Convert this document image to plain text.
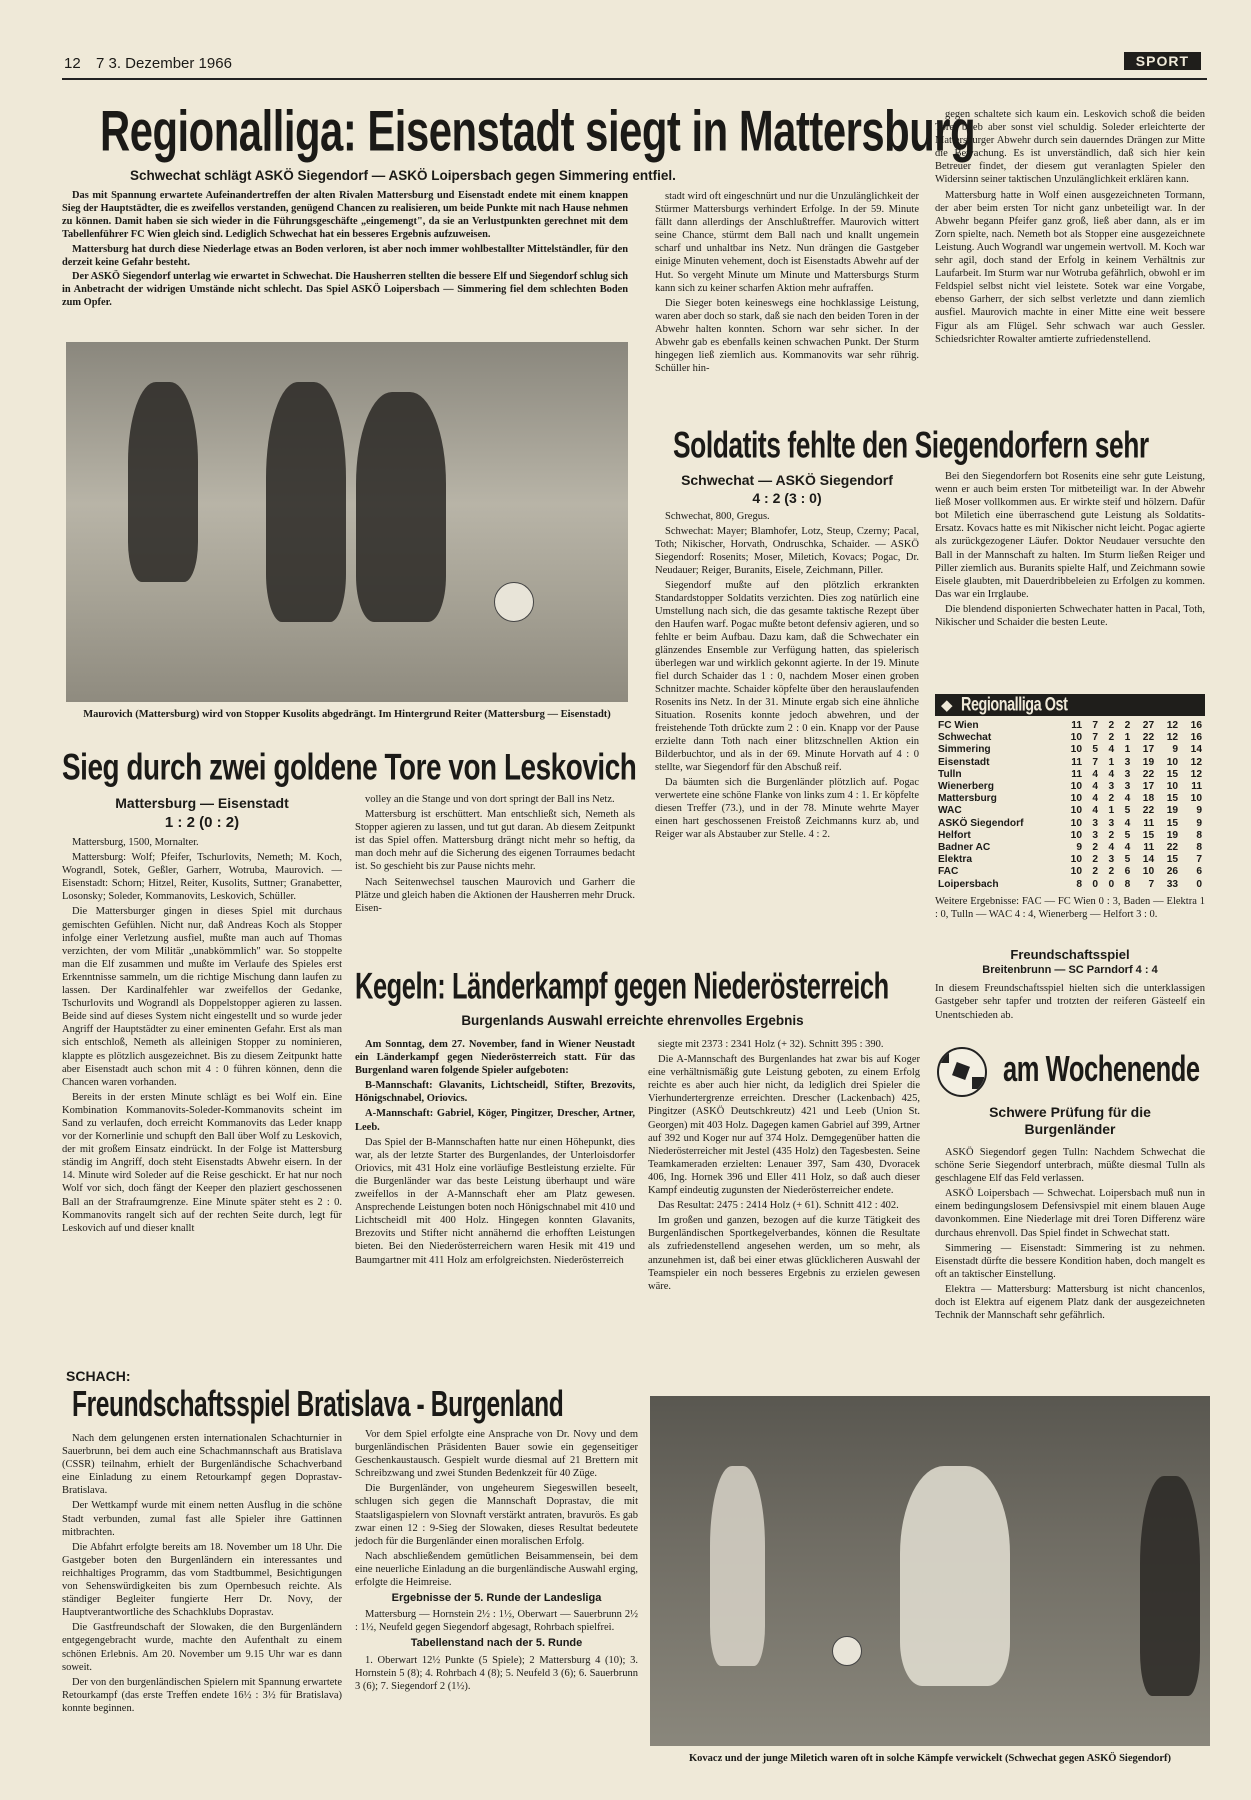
12 7 3. Dezember 1966	SPORT
Regionalliga: Eisenstadt siegt in Mattersburg
Schwechat schlägt ASKÖ Siegendorf — ASKÖ Loipersbach gegen Simmering entfiel.

Das mit Spannung erwartete Aufeinandertreffen der alten Rivalen Mattersburg und Eisenstadt endete mit einem knappen Sieg der Hauptstädter, die es zweifellos verstanden, genügend Chancen zu realisieren, um beide Punkte mit nach Hause nehmen zu können. Damit haben sie sich wieder in die Führungsgeschäfte „eingemengt", da sie an Verlustpunkten gerechnet mit dem Tabellenführer FC Wien gleich sind. Lediglich Schwechat hat ein besseres Ergebnis aufzuweisen.

Mattersburg hat durch diese Niederlage etwas an Boden verloren, ist aber noch immer wohlbestallter Mittelständler, für den derzeit keine Gefahr besteht.

Der ASKÖ Siegendorf unterlag wie erwartet in Schwechat. Die Hausherren stellten die bessere Elf und Siegendorf schlug sich in Anbetracht der widrigen Umstände nicht schlecht. Das Spiel ASKÖ Loipersbach — Simmering fiel dem schlechten Boden zum Opfer.

Maurovich (Mattersburg) wird von Stopper Kusolits abgedrängt. Im Hintergrund Reiter (Mattersburg — Eisenstadt)

stadt wird oft eingeschnürt und nur die Unzulänglichkeit der Stürmer Mattersburgs verhindert Erfolge. In der 59. Minute fällt dann allerdings der Anschlußtreffer. Maurovich wittert seine Chance, stürmt dem Ball nach und knallt ungemein scharf und unhaltbar ins Netz. Nun drängen die Gastgeber einige Minuten vehement, doch ist Eisenstadts Abwehr auf der Hut. So vergeht Minute um Minute und Mattersburgs Sturm kann sich zu keiner scharfen Aktion mehr aufraffen.

Die Sieger boten keineswegs eine hochklassige Leistung, waren aber doch so stark, daß sie nach den beiden Toren in der Abwehr halten konnten. Schorn war sehr sicher. In der Abwehr gab es ebenfalls keinen schwachen Punkt. Der Sturm hingegen ließ ziemlich aus. Kommanovits war sehr rührig. Schüller hin-

gegen schaltete sich kaum ein. Leskovich schoß die beiden Tore, blieb aber sonst viel schuldig. Soleder erleichterte der Mattersburger Abwehr durch sein dauerndes Drängen zur Mitte die Bewachung. Es ist unverständlich, daß sich hier kein Betreuer findet, der diesem gut veranlagten Spieler den Widersinn seiner taktischen Unzulänglichkeit erklären kann.

Mattersburg hatte in Wolf einen ausgezeichneten Tormann, der aber beim ersten Tor nicht ganz unbeteiligt war. In der Abwehr begann Pfeifer ganz groß, ließ aber dann, als er im Zorn spielte, nach. Nemeth bot als Stopper eine ausgezeichnete Leistung. Auch Wograndl war ungemein wertvoll. M. Koch war sehr agil, doch stand der Erfolg in keinem Verhältnis zur Laufarbeit. Im Sturm war nur Wotruba gefährlich, obwohl er im Feldspiel selbst nicht viel leistete. Sotek war eine Vorgabe, ebenso Garherr, der sich selbst verletzte und dann ziemlich ausfiel. Maurovich machte in einer Mitte eine weit bessere Figur als am Flügel. Sehr schwach war auch Gessler. Schiedsrichter Rowalter amtierte zufriedenstellend.

Soldatits fehlte den Siegendorfern sehr
Schwechat — ASKÖ Siegendorf
4 : 2 (3 : 0)

Schwechat, 800, Gregus.

Schwechat: Mayer; Blamhofer, Lotz, Steup, Czerny; Pacal, Toth; Nikischer, Horvath, Ondruschka, Schaider. — ASKÖ Siegendorf: Rosenits; Moser, Miletich, Kovacs; Pogac, Dr. Neudauer; Reiger, Buranits, Eisele, Zeichmann, Piller.

Siegendorf mußte auf den plötzlich erkrankten Standardstopper Soldatits verzichten. Dies zog natürlich eine Umstellung nach sich, die das gesamte taktische Rezept über den Haufen warf. Pogac mußte betont defensiv agieren, und so fehlte er beim Aufbau. Dazu kam, daß die Schwechater ein glänzendes Ensemble zur Verfügung hatten, das spielerisch überlegen war und wirklich gekonnt agierte. In der 19. Minute fiel durch Schaider das 1 : 0, nachdem Moser einen groben Schnitzer machte. Schaider köpfelte über den herauslaufenden Rosenits ins Netz. In der 31. Minute ergab sich eine ähnliche Situation. Rosenits konnte jedoch abwehren, und der freistehende Toth drückte zum 2 : 0 ein. Knapp vor der Pause erzielte dann Toth nach einer blitzschnellen Aktion ein Bilderbuchtor, und als in der 69. Minute Horvath auf 4 : 0 stellte, war Siegendorf für den Abschuß reif.

Da bäumten sich die Burgenländer plötzlich auf. Pogac verwertete eine schöne Flanke von links zum 4 : 1. Er köpfelte diesen Treffer (73.), und in der 78. Minute wehrte Mayer einen hart geschossenen Freistoß Zeichmanns kurz ab, und Reiger war als Abstauber zur Stelle. 4 : 2.

Bei den Siegendorfern bot Rosenits eine sehr gute Leistung, wenn er auch beim ersten Tor mitbeteiligt war. In der Abwehr ließ Moser vollkommen aus. Er wirkte steif und hölzern. Dafür bot Miletich eine überraschend gute Leistung als Soldatits-Ersatz. Kovacs hatte es mit Nikischer nicht leicht. Pogac agierte als zurückgezogener Läufer. Doktor Neudauer versuchte den Ball in der Mannschaft zu halten. Im Sturm ließen Reiger und Piller ziemlich aus. Buranits spielte Half, und Zeichmann sowie Eisele glaubten, mit Dauerdribbeleien zu Erfolgen zu kommen. Das war ein Irrglaube.

Die blendend disponierten Schwechater hatten in Pacal, Toth, Nikischer und Schaider die besten Leute.

◆ Regionalliga Ost
FC Wien	11	7	2	2	27	12	16
Schwechat	10	7	2	1	22	12	16
Simmering	10	5	4	1	17	9	14
Eisenstadt	11	7	1	3	19	10	12
Tulln	11	4	4	3	22	15	12
Wienerberg	10	4	3	3	17	10	11
Mattersburg	10	4	2	4	18	15	10
WAC	10	4	1	5	22	19	9
ASKÖ Siegendorf	10	3	3	4	11	15	9
Helfort	10	3	2	5	15	19	8
Badner AC	9	2	4	4	11	22	8
Elektra	10	2	3	5	14	15	7
FAC	10	2	2	6	10	26	6
Loipersbach	8	0	0	8	7	33	0
Weitere Ergebnisse: FAC — FC Wien 0 : 3, Baden — Elektra 1 : 0, Tulln — WAC 4 : 4, Wienerberg — Helfort 3 : 0.
Freundschaftsspiel
Breitenbrunn — SC Parndorf 4 : 4
In diesem Freundschaftsspiel hielten sich die unterklassigen Gastgeber sehr tapfer und trotzten der reiferen Gästeelf ein Unentschieden ab.
am Wochenende
Schwere Prüfung für die Burgenländer

ASKÖ Siegendorf gegen Tulln: Nachdem Schwechat die schöne Serie Siegendorf unterbrach, müßte diesmal Tulln als geschlagene Elf das Feld verlassen.

ASKÖ Loipersbach — Schwechat. Loipersbach muß nun in einem bedingungslosem Defensivspiel mit einem blauen Auge davonkommen. Eine Niederlage mit drei Toren Differenz wäre durchaus ehrenvoll. Das Spiel findet in Schwechat statt.

Simmering — Eisenstadt: Simmering ist zu nehmen. Eisenstadt dürfte die bessere Kondition haben, doch mangelt es oft an taktischer Einstellung.

Elektra — Mattersburg: Mattersburg ist nicht chancenlos, doch ist Elektra auf eigenem Platz dank der ausgezeichneten Technik der Mannschaft sehr gefährlich.

Sieg durch zwei goldene Tore von Leskovich
Mattersburg — Eisenstadt
1 : 2 (0 : 2)

Mattersburg, 1500, Mornalter.

Mattersburg: Wolf; Pfeifer, Tschurlovits, Nemeth; M. Koch, Wograndl, Sotek, Geßler, Garherr, Wotruba, Maurovich. — Eisenstadt: Schorn; Hitzel, Reiter, Kusolits, Suttner; Granabetter, Losonsky; Soleder, Kommanovits, Leskovich, Schüller.

Die Mattersburger gingen in dieses Spiel mit durchaus gemischten Gefühlen. Nicht nur, daß Andreas Koch als Stopper infolge einer Verletzung ausfiel, mußte man auch auf Thomas verzichten, der vom Militär „unabkömmlich" war. So stoppelte man die Elf zusammen und mußte im Verlaufe des Spieles erst Erkenntnisse sammeln, um die richtige Mischung dann laufen zu lassen. Der Kardinalfehler war zweifellos der Gedanke, Tschurlovits und Wograndl als Doppelstopper agieren zu lassen. Beide sind auf dieses System nicht eingestellt und so wurde jeder Angriff der Hauptstädter zu einer eminenten Gefahr. Erst als man sich entschloß, Nemeth als alleinigen Stopper zu nominieren, klappte es plötzlich ausgezeichnet. Bis zu diesem Zeitpunkt hatte aber Eisenstadt auch schon mit 4 : 0 führen können, denn die Chancen waren vorhanden.

Bereits in der ersten Minute schlägt es bei Wolf ein. Eine Kombination Kommanovits-Soleder-Kommanovits scheint im Sand zu verlaufen, doch erreicht Kommanovits das Leder knapp vor der Kornerlinie und schupft den Ball über Wolf zu Leskovich, der mit großem Einsatz eindrückt. In der Folge ist Mattersburg ständig im Angriff, doch steht Eisenstadts Abwehr eisern. In der 14. Minute wird Soleder auf die Reise geschickt. Er hat nur noch Wolf vor sich, doch fängt der Keeper den plaziert geschossenen Ball an der Strafraumgrenze. Eine Minute später steht es 2 : 0. Kommanovits rangelt sich auf der rechten Seite durch, legt für Leskovich auf und dieser knallt

volley an die Stange und von dort springt der Ball ins Netz.

Mattersburg ist erschüttert. Man entschließt sich, Nemeth als Stopper agieren zu lassen, und tut gut daran. Ab diesem Zeitpunkt ist das Spiel offen. Mattersburg drängt nicht mehr so heftig, da man doch mehr auf die Sicherung des eigenen Torraumes bedacht ist. So geschieht bis zur Pause nichts mehr.

Nach Seitenwechsel tauschen Maurovich und Garherr die Plätze und gleich haben die Aktionen der Hausherren mehr Druck. Eisen-

Kegeln: Länderkampf gegen Niederösterreich
Burgenlands Auswahl erreichte ehrenvolles Ergebnis

Am Sonntag, dem 27. November, fand in Wiener Neustadt ein Länderkampf gegen Niederösterreich statt. Für das Burgenland waren folgende Spieler aufgeboten:

B-Mannschaft: Glavanits, Lichtscheidl, Stifter, Brezovits, Hönigschnabel, Oriovics.

A-Mannschaft: Gabriel, Köger, Pingitzer, Drescher, Artner, Leeb.

Das Spiel der B-Mannschaften hatte nur einen Höhepunkt, dies war, als der letzte Starter des Burgenlandes, der Unterloisdorfer Oriovics, mit 431 Holz eine vorläufige Bestleistung erzielte. Für die Burgenländer war das beste Leistung überhaupt und wäre zweifellos in der A-Mannschaft eher am Platz gewesen. Ansprechende Leistungen boten noch Hönigschnabel mit 410 und Lichtscheidl mit 400 Holz. Hingegen konnten Glavanits, Brezovits und Stifter nicht annähernd die erhofften Leistungen bieten. Bei den Niederösterreichern waren Hesik mit 419 und Baumgartner mit 411 Holz am erfolgreichsten. Niederösterreich

siegte mit 2373 : 2341 Holz (+ 32). Schnitt 395 : 390.

Die A-Mannschaft des Burgenlandes hat zwar bis auf Koger eine verhältnismäßig gute Leistung geboten, zu einem Erfolg reichte es aber auch hier nicht, da lediglich drei Spieler die Vierhundertergrenze erreichten. Drescher (Lackenbach) 425, Pingitzer (ASKÖ Deutschkreutz) 421 und Leeb (Union St. Georgen) mit 403 Holz. Dagegen kamen Gabriel auf 399, Artner auf 392 und Koger nur auf 374 Holz. Demgegenüber hatten die Niederösterreicher mit Jestel (435 Holz) den Tagesbesten. Seine Teamkameraden erzielten: Lenauer 397, Sam 430, Dvoracek 406, Ing. Hornek 396 und Eller 411 Holz, so daß auch dieser Kampf eindeutig zugunsten der Niederösterreicher endete.

Das Resultat: 2475 : 2414 Holz (+ 61). Schnitt 412 : 402.

Im großen und ganzen, bezogen auf die kurze Tätigkeit des Burgenländischen Sportkegelverbandes, können die Resultate als zufriedenstellend angesehen werden, um so mehr, als anzunehmen ist, daß bei einer etwas glücklicheren Auswahl der Teamspieler ein noch besseres Ergebnis zu erzielen gewesen wäre.

SCHACH:
Freundschaftsspiel Bratislava - Burgenland

Nach dem gelungenen ersten internationalen Schachturnier in Sauerbrunn, bei dem auch eine Schachmannschaft aus Bratislava (CSSR) teilnahm, erhielt der Burgenländische Schachverband eine Einladung zu einem Retourkampf gegen Doprastav-Bratislava.

Der Wettkampf wurde mit einem netten Ausflug in die schöne Stadt verbunden, zumal fast alle Spieler ihre Gattinnen mitbrachten.

Die Abfahrt erfolgte bereits am 18. November um 18 Uhr. Die Gastgeber boten den Burgenländern ein interessantes und reichhaltiges Programm, das vom Stadtbummel, Besichtigungen von Sehenswürdigkeiten bis zum Opernbesuch reichte. Als ständiger Begleiter fungierte Herr Dr. Novy, der Hauptverantwortliche des Schachklubs Doprastav.

Die Gastfreundschaft der Slowaken, die den Burgenländern entgegengebracht wurde, machte den Aufenthalt zu einem schönen Erlebnis. Am 20. November um 9.15 Uhr war es dann soweit.

Der von den burgenländischen Spielern mit Spannung erwartete Retourkampf (das erste Treffen endete 16½ : 3½ für Bratislava) konnte beginnen.

Vor dem Spiel erfolgte eine Ansprache von Dr. Novy und dem burgenländischen Präsidenten Bauer sowie ein gegenseitiger Geschenkaustausch. Gespielt wurde diesmal auf 21 Brettern mit Schreibzwang und zwei Stunden Bedenkzeit für 40 Züge.

Die Burgenländer, von ungeheurem Siegeswillen beseelt, schlugen sich gegen die Mannschaft Doprastav, die mit Staatsligaspielern von Slovnaft verstärkt antraten, bravurös. Es gab zwar einen 12 : 9-Sieg der Slowaken, dieses Resultat bedeutete jedoch für die Burgenländer einen moralischen Erfolg.

Nach abschließendem gemütlichen Beisammensein, bei dem eine neuerliche Einladung an die burgenländische Auswahl erging, erfolgte die Heimreise.

Ergebnisse der 5. Runde der Landesliga

Mattersburg — Hornstein 2½ : 1½, Oberwart — Sauerbrunn 2½ : 1½, Neufeld gegen Siegendorf abgesagt, Rohrbach spielfrei.

Tabellenstand nach der 5. Runde

1. Oberwart 12½ Punkte (5 Spiele); 2 Mattersburg 4 (10); 3. Hornstein 5 (8); 4. Rohrbach 4 (8); 5. Neufeld 3 (6); 6. Sauerbrunn 3 (6); 7. Siegendorf 2 (1½).

Kovacz und der junge Miletich waren oft in solche Kämpfe verwickelt (Schwechat gegen ASKÖ Siegendorf)
